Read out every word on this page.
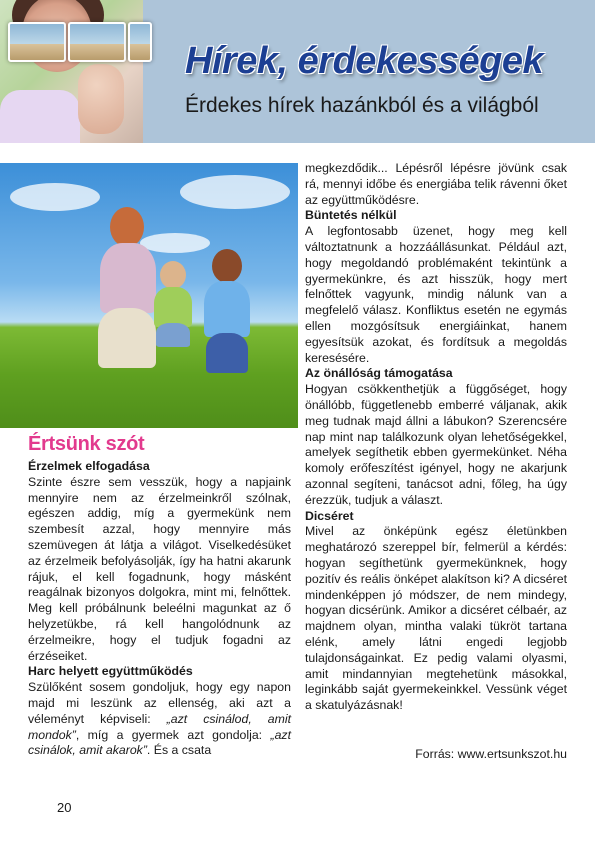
Hírek, érdekességek

Érdekes hírek hazánkból és a világból

Értsünk szót

Érzelmek elfogadása

Szinte észre sem vesszük, hogy a napjaink mennyire nem az érzelmeinkről szólnak, egészen addig, míg a gyermekünk nem szembesít azzal, hogy mennyire más szemüvegen át látja a világot. Viselkedésüket az érzelmeik befolyásolják, így ha hatni akarunk rájuk, el kell fogadnunk, hogy másként reagálnak bizonyos dolgokra, mint mi, felnőttek. Meg kell próbálnunk beleélni magunkat az ő helyzetükbe, rá kell hangolódnunk az érzelmeikre, hogy el tudjuk fogadni az érzéseiket.

Harc helyett együttműködés

Szülőként sosem gondoljuk, hogy egy napon majd mi leszünk az ellenség, aki azt a véleményt képviseli: „azt csinálod, amit mondok”, míg a gyermek azt gondolja: „azt csinálok, amit akarok”. És a csata

megkezdődik... Lépésről lépésre jövünk csak rá, mennyi időbe és energiába telik rávenni őket az együttműködésre.

Büntetés nélkül

A legfontosabb üzenet, hogy meg kell változtatnunk a hozzáállásunkat. Például azt, hogy megoldandó problémaként tekintünk a gyermekünkre, és azt hisszük, hogy mert felnőttek vagyunk, mindig nálunk van a megfelelő válasz. Konfliktus esetén ne egymás ellen mozgósítsuk energiáinkat, hanem egyesítsük azokat, és fordítsuk a megoldás keresésére.

Az önállóság támogatása

Hogyan csökkenthetjük a függőséget, hogy önállóbb, függetlenebb emberré váljanak, akik meg tudnak majd állni a lábukon? Szerencsére nap mint nap találkozunk olyan lehetőségekkel, amelyek segíthetik ebben gyermekünket. Néha komoly erőfeszítést igényel, hogy ne akarjunk azonnal segíteni, tanácsot adni, főleg, ha úgy érezzük, tudjuk a választ.

Dicséret

Mivel az önképünk egész életünkben meghatározó szereppel bír, felmerül a kérdés: hogyan segíthetünk gyermekünknek, hogy pozitív és reális önképet alakítson ki? A dicséret mindenképpen jó módszer, de nem mindegy, hogyan dicsérünk. Amikor a dicséret célbaér, az majdnem olyan, mintha valaki tükröt tartana elénk, amely látni engedi legjobb tulajdonságainkat. Ez pedig valami olyasmi, amit mindannyian megtehetünk másokkal, leginkább saját gyermekeinkkel. Vessünk véget a skatulyázásnak!

Forrás: www.ertsunkszot.hu
20
